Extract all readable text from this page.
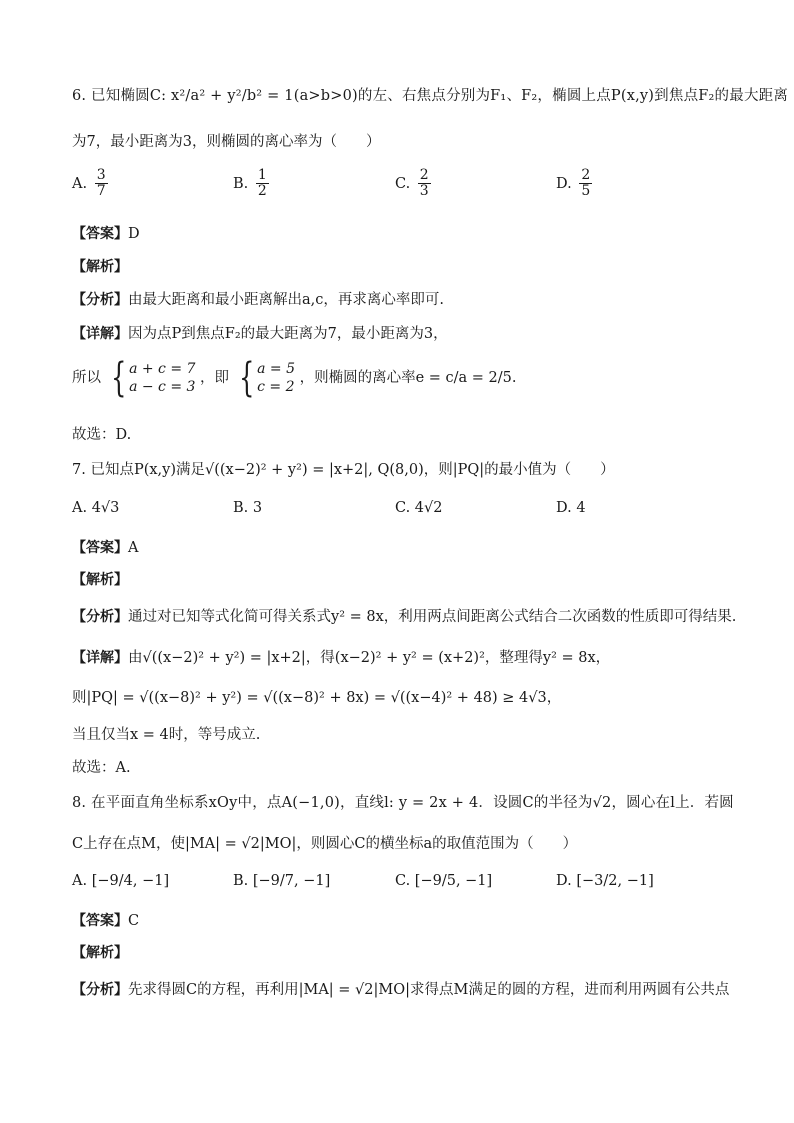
6. 已知椭圆C: x²/a² + y²/b² = 1(a>b>0)的左、右焦点分别为F₁、F₂，椭圆上点P(x,y)到焦点F₂的最大距离
为7，最小距离为3，则椭圆的离心率为（　　）
A. $\frac{3}{7}$	B. $\frac{1}{2}$	C. $\frac{2}{3}$	D. $\frac{2}{5}$
【答案】D
【解析】
【分析】由最大距离和最小距离解出a,c，再求离心率即可.
【详解】因为点P到焦点F₂的最大距离为7，最小距离为3，
所以 { a + c = 7
a − c = 3
，即 { a = 5
c = 2
，则椭圆的离心率e = c/a = 2/5.
故选：D.
7. 已知点P(x,y)满足√((x−2)² + y²) = |x+2|, Q(8,0)，则|PQ|的最小值为（　　）
A. 4√3	B. 3	C. 4√2	D. 4
【答案】A
【解析】
【分析】通过对已知等式化简可得关系式y² = 8x，利用两点间距离公式结合二次函数的性质即可得结果.
【详解】由√((x−2)² + y²) = |x+2|，得(x−2)² + y² = (x+2)²，整理得y² = 8x，
则|PQ| = √((x−8)² + y²) = √((x−8)² + 8x) = √((x−4)² + 48) ≥ 4√3，
当且仅当x = 4时，等号成立.
故选：A.
8. 在平面直角坐标系xOy中，点A(−1,0)，直线l: y = 2x + 4．设圆C的半径为√2，圆心在l上．若圆
C上存在点M，使|MA| = √2|MO|，则圆心C的横坐标a的取值范围为（　　）
A. [−9/4, −1]	B. [−9/7, −1]	C. [−9/5, −1]	D. [−3/2, −1]
【答案】C
【解析】
【分析】先求得圆C的方程，再利用|MA| = √2|MO|求得点M满足的圆的方程，进而利用两圆有公共点
